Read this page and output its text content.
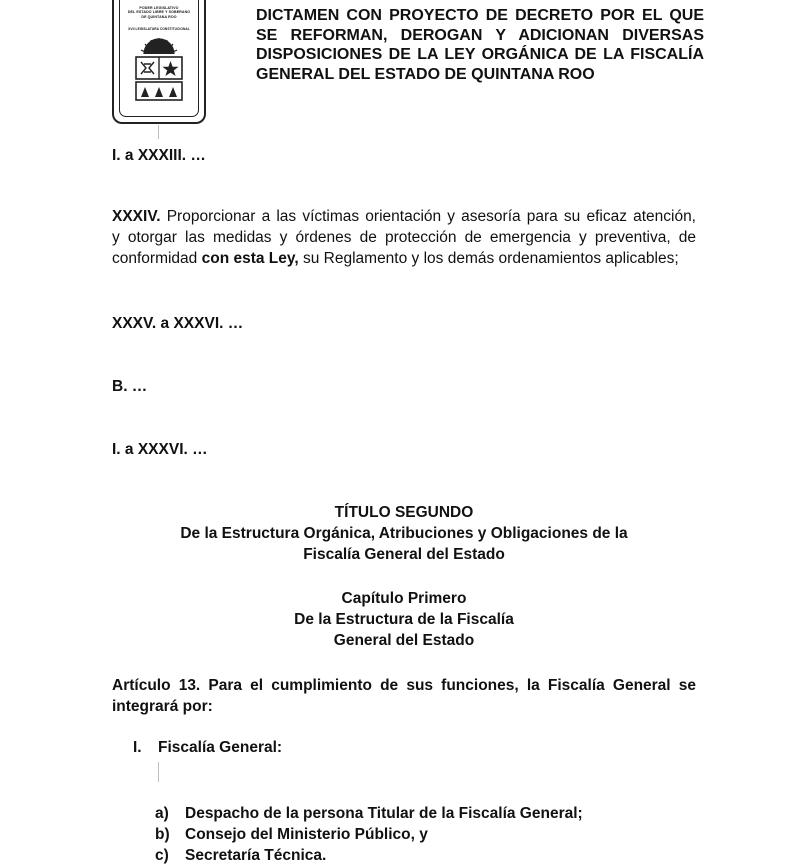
PODER LEGISLATIVO
DEL ESTADO LIBRE Y SOBERANO
DE QUINTANA ROO
XVII LEGISLATURA CONSTITUCIONAL
DICTAMEN CON PROYECTO DE DECRETO POR EL QUE SE REFORMAN, DEROGAN Y ADICIONAN DIVERSAS DISPOSICIONES DE LA LEY ORGÁNICA DE LA FISCALÍA GENERAL DEL ESTADO DE QUINTANA ROO
I. a XXXIII. …
XXXIV. Proporcionar a las víctimas orientación y asesoría para su eficaz atención,
y otorgar las medidas y órdenes de protección de emergencia y preventiva, de
conformidad con esta Ley, su Reglamento y los demás ordenamientos aplicables;
XXXV. a XXXVI. …
B. …
I. a XXXVI. …
TÍTULO SEGUNDO
De la Estructura Orgánica, Atribuciones y Obligaciones de la
Fiscalía General del Estado
Capítulo Primero
De la Estructura de la Fiscalía
General del Estado
Artículo 13. Para el cumplimiento de sus funciones, la Fiscalía General se
integrará por:
I. Fiscalía General:
a) Despacho de la persona Titular de la Fiscalía General;
b) Consejo del Ministerio Público, y
c) Secretaría Técnica.
